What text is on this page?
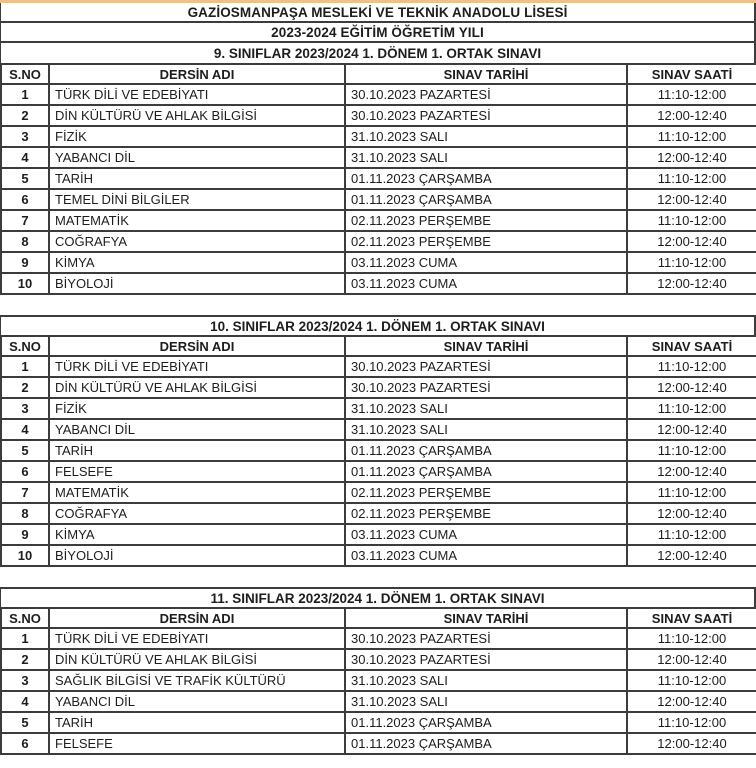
GAZİOSMANPAŞA MESLEKİ VE TEKNİK ANADOLU LİSESİ
2023-2024 EĞİTİM ÖĞRETİM YILI
9. SINIFLAR 2023/2024 1. DÖNEM 1. ORTAK SINAVI
S.NO	DERSİN ADI	SINAV TARİHİ	SINAV SAATİ
1	TÜRK DİLİ VE EDEBİYATI	30.10.2023 PAZARTESİ	11:10-12:00
2	DİN KÜLTÜRÜ VE AHLAK BİLGİSİ	30.10.2023 PAZARTESİ	12:00-12:40
3	FİZİK	31.10.2023 SALI	11:10-12:00
4	YABANCI DİL	31.10.2023 SALI	12:00-12:40
5	TARİH	01.11.2023 ÇARŞAMBA	11:10-12:00
6	TEMEL DİNİ BİLGİLER	01.11.2023 ÇARŞAMBA	12:00-12:40
7	MATEMATİK	02.11.2023 PERŞEMBE	11:10-12:00
8	COĞRAFYA	02.11.2023 PERŞEMBE	12:00-12:40
9	KİMYA	03.11.2023 CUMA	11:10-12:00
10	BİYOLOJİ	03.11.2023 CUMA	12:00-12:40
10. SINIFLAR 2023/2024 1. DÖNEM 1. ORTAK SINAVI
S.NO	DERSİN ADI	SINAV TARİHİ	SINAV SAATİ
1	TÜRK DİLİ VE EDEBİYATI	30.10.2023 PAZARTESİ	11:10-12:00
2	DİN KÜLTÜRÜ VE AHLAK BİLGİSİ	30.10.2023 PAZARTESİ	12:00-12:40
3	FİZİK	31.10.2023 SALI	11:10-12:00
4	YABANCI DİL	31.10.2023 SALI	12:00-12:40
5	TARİH	01.11.2023 ÇARŞAMBA	11:10-12:00
6	FELSEFE	01.11.2023 ÇARŞAMBA	12:00-12:40
7	MATEMATİK	02.11.2023 PERŞEMBE	11:10-12:00
8	COĞRAFYA	02.11.2023 PERŞEMBE	12:00-12:40
9	KİMYA	03.11.2023 CUMA	11:10-12:00
10	BİYOLOJİ	03.11.2023 CUMA	12:00-12:40
11. SINIFLAR 2023/2024 1. DÖNEM 1. ORTAK SINAVI
S.NO	DERSİN ADI	SINAV TARİHİ	SINAV SAATİ
1	TÜRK DİLİ VE EDEBİYATI	30.10.2023 PAZARTESİ	11:10-12:00
2	DİN KÜLTÜRÜ VE AHLAK BİLGİSİ	30.10.2023 PAZARTESİ	12:00-12:40
3	SAĞLIK BİLGİSİ VE TRAFİK KÜLTÜRÜ	31.10.2023 SALI	11:10-12:00
4	YABANCI DİL	31.10.2023 SALI	12:00-12:40
5	TARİH	01.11.2023 ÇARŞAMBA	11:10-12:00
6	FELSEFE	01.11.2023 ÇARŞAMBA	12:00-12:40
